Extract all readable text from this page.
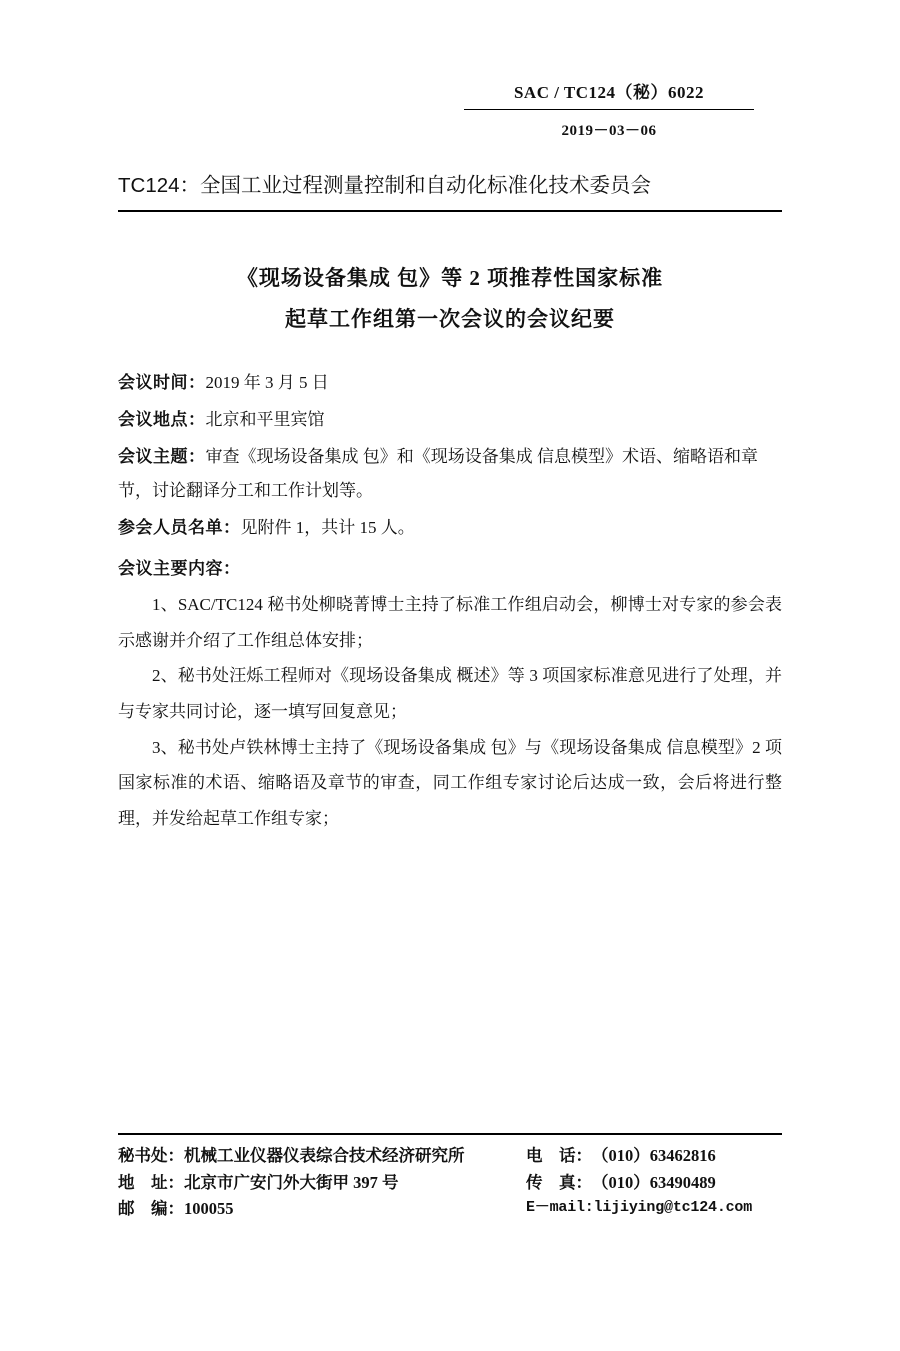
SAC / TC124（秘）6022
2019－03－06
TC124：全国工业过程测量控制和自动化标准化技术委员会
《现场设备集成 包》等 2 项推荐性国家标准
起草工作组第一次会议的会议纪要
会议时间：2019 年 3 月 5 日
会议地点：北京和平里宾馆
会议主题：审查《现场设备集成 包》和《现场设备集成 信息模型》术语、缩略语和章节，讨论翻译分工和工作计划等。
参会人员名单：见附件 1，共计 15 人。
会议主要内容：

1、SAC/TC124 秘书处柳晓菁博士主持了标准工作组启动会，柳博士对专家的参会表示感谢并介绍了工作组总体安排；

2、秘书处汪烁工程师对《现场设备集成 概述》等 3 项国家标准意见进行了处理，并与专家共同讨论，逐一填写回复意见；

3、秘书处卢铁林博士主持了《现场设备集成 包》与《现场设备集成 信息模型》2 项国家标准的术语、缩略语及章节的审查，同工作组专家讨论后达成一致，会后将进行整理，并发给起草工作组专家；

秘书处：机械工业仪器仪表综合技术经济研究所
地　址：北京市广安门外大街甲 397 号
邮　编：100055
电　话：（010）63462816
传　真：（010）63490489
E－mail:lijiying@tc124.com
